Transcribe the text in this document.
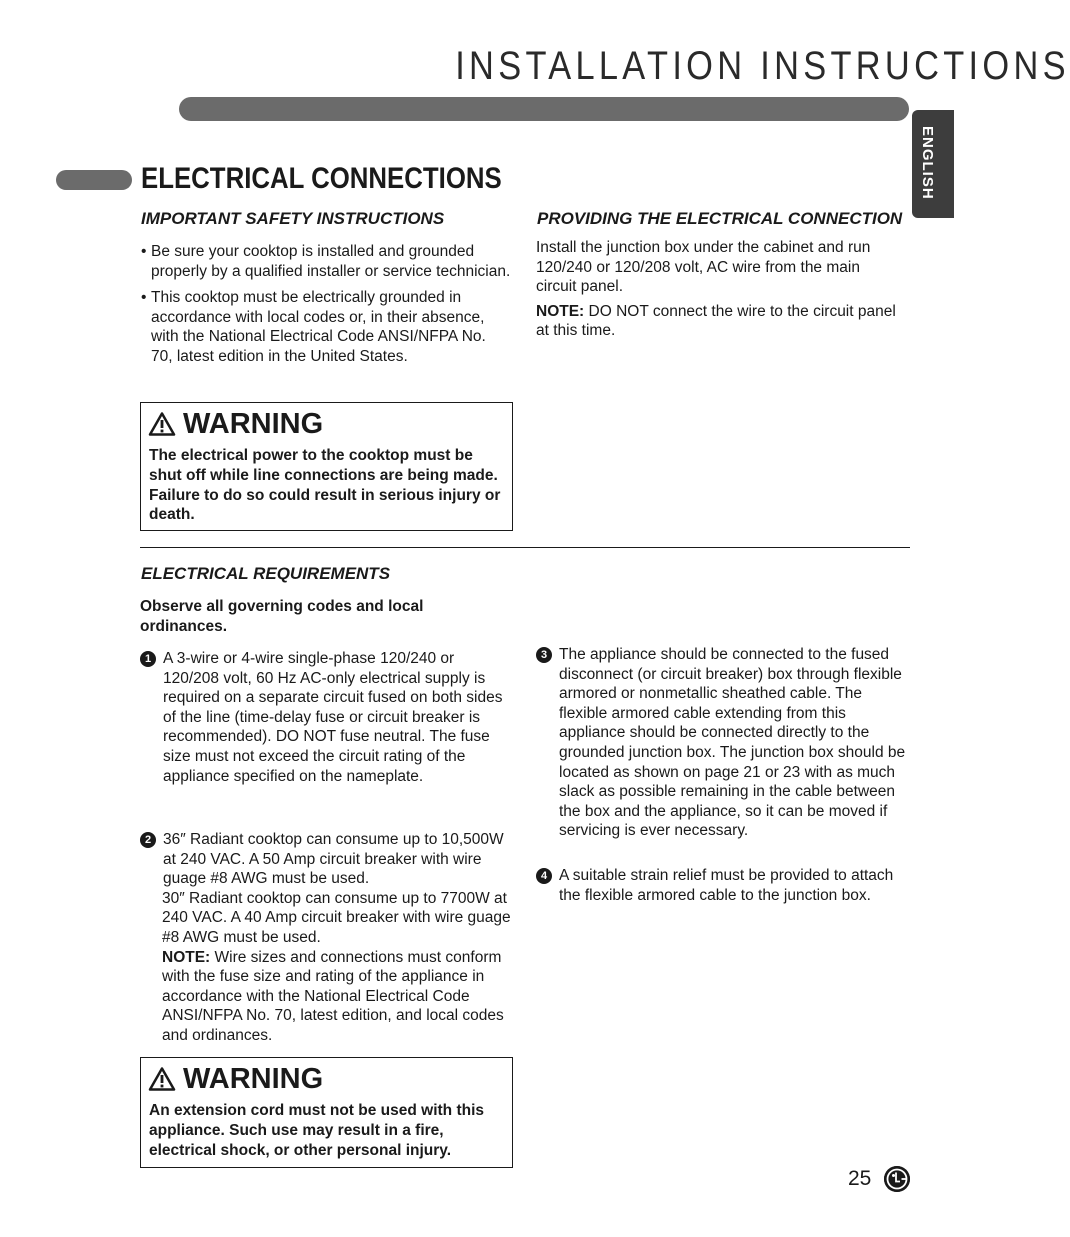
INSTALLATION INSTRUCTIONS
ENGLISH
ELECTRICAL CONNECTIONS
IMPORTANT SAFETY INSTRUCTIONS
• Be sure your cooktop is installed and grounded properly by a qualified installer or service technician.
• This cooktop must be electrically grounded in accordance with local codes or, in their absence, with the National Electrical Code ANSI/NFPA No. 70, latest edition in the United States.
WARNING
The electrical power to the cooktop must be shut off while line connections are being made. Failure to do so could result in serious injury or death.
PROVIDING THE ELECTRICAL CONNECTION
Install the junction box under the cabinet and run 120/240 or 120/208 volt, AC wire from the main circuit panel.
NOTE: DO NOT connect the wire to the circuit panel at this time.
ELECTRICAL REQUIREMENTS
Observe all governing codes and local ordinances.
1 A 3-wire or 4-wire single-phase 120/240 or 120/208 volt, 60 Hz AC-only electrical supply is required on a separate circuit fused on both sides of the line (time-delay fuse or circuit breaker is recommended). DO NOT fuse neutral. The fuse size must not exceed the circuit rating of the appliance specified on the nameplate.
2 36″ Radiant cooktop can consume up to 10,500W at 240 VAC. A 50 Amp circuit breaker with wire guage #8 AWG must be used.
30″ Radiant cooktop can consume up to 7700W at 240 VAC. A 40 Amp circuit breaker with wire guage #8 AWG must be used.
NOTE: Wire sizes and connections must conform with the fuse size and rating of the appliance in accordance with the National Electrical Code ANSI/NFPA No. 70, latest edition, and local codes and ordinances.
3 The appliance should be connected to the fused disconnect (or circuit breaker) box through flexible armored or nonmetallic sheathed cable. The flexible armored cable extending from this appliance should be connected directly to the grounded junction box. The junction box should be located as shown on page 21 or 23 with as much slack as possible remaining in the cable between the box and the appliance, so it can be moved if servicing is ever necessary.
4 A suitable strain relief must be provided to attach the flexible armored cable to the junction box.
WARNING
An extension cord must not be used with this appliance. Such use may result in a fire, electrical shock, or other personal injury.
25
